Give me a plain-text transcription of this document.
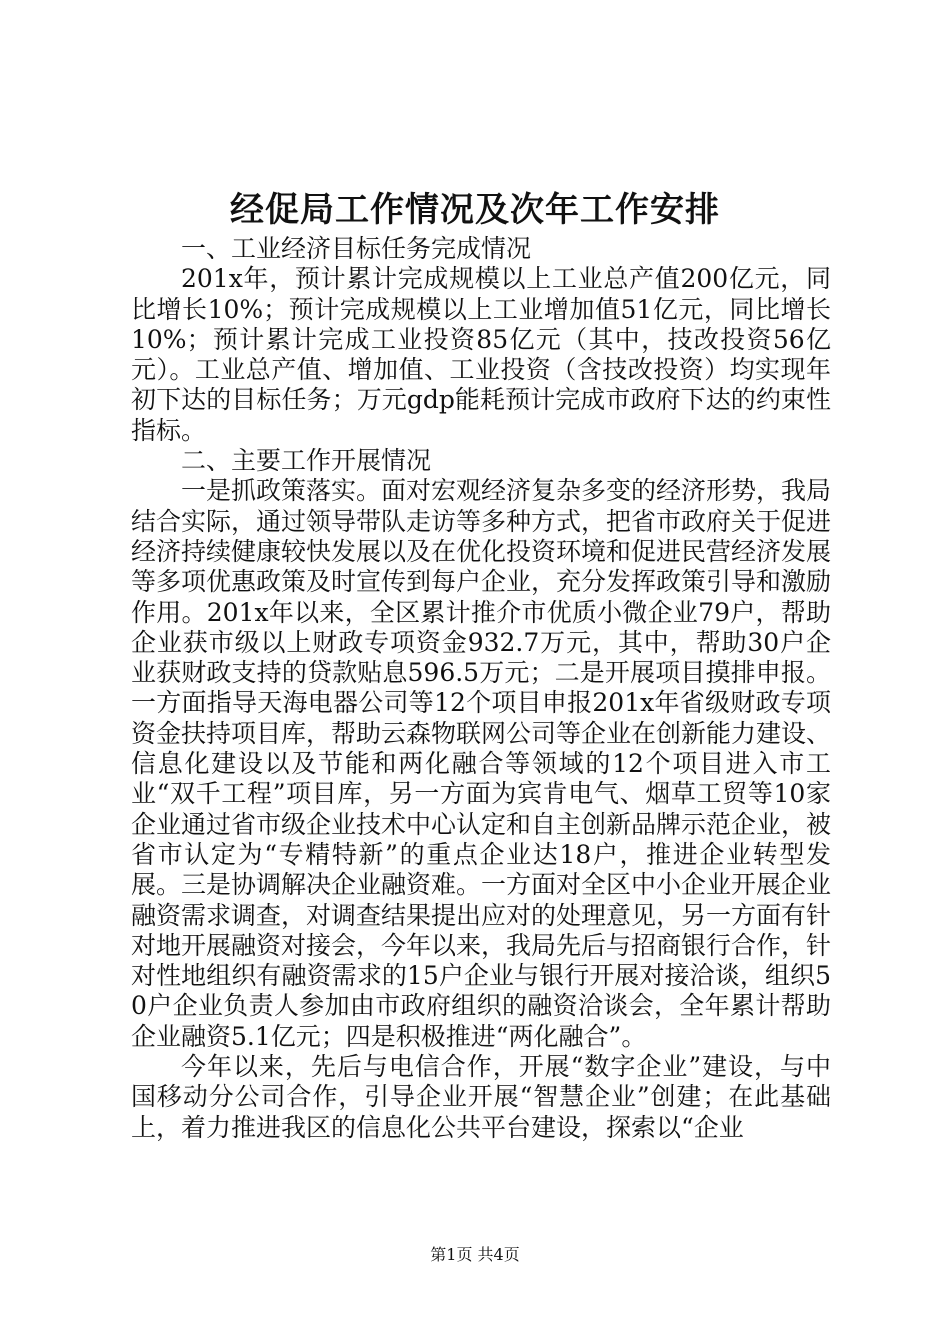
经促局工作情况及次年工作安排

一、工业经济目标任务完成情况

201x年，预计累计完成规模以上工业总产值200亿元，同比增长10%；预计完成规模以上工业增加值51亿元，同比增长10%；预计累计完成工业投资85亿元（其中，技改投资56亿元）。工业总产值、增加值、工业投资（含技改投资）均实现年初下达的目标任务；万元gdp能耗预计完成市政府下达的约束性指标。

二、主要工作开展情况

一是抓政策落实。面对宏观经济复杂多变的经济形势，我局结合实际，通过领导带队走访等多种方式，把省市政府关于促进经济持续健康较快发展以及在优化投资环境和促进民营经济发展等多项优惠政策及时宣传到每户企业，充分发挥政策引导和激励作用。201x年以来，全区累计推介市优质小微企业79户，帮助企业获市级以上财政专项资金932.7万元，其中，帮助30户企业获财政支持的贷款贴息596.5万元；二是开展项目摸排申报。一方面指导天海电器公司等12个项目申报201x年省级财政专项资金扶持项目库，帮助云森物联网公司等企业在创新能力建设、信息化建设以及节能和两化融合等领域的12个项目进入市工业“双千工程”项目库，另一方面为宾肯电气、烟草工贸等10家企业通过省市级企业技术中心认定和自主创新品牌示范企业，被省市认定为“专精特新”的重点企业达18户，推进企业转型发展。三是协调解决企业融资难。一方面对全区中小企业开展企业融资需求调查，对调查结果提出应对的处理意见，另一方面有针对地开展融资对接会，今年以来，我局先后与招商银行合作，针对性地组织有融资需求的15户企业与银行开展对接洽谈，组织50户企业负责人参加由市政府组织的融资洽谈会，全年累计帮助企业融资5.1亿元；四是积极推进“两化融合”。

今年以来，先后与电信合作，开展“数字企业”建设，与中国移动分公司合作，引导企业开展“智慧企业”创建；在此基础上，着力推进我区的信息化公共平台建设，探索以“企业

第1页 共4页
